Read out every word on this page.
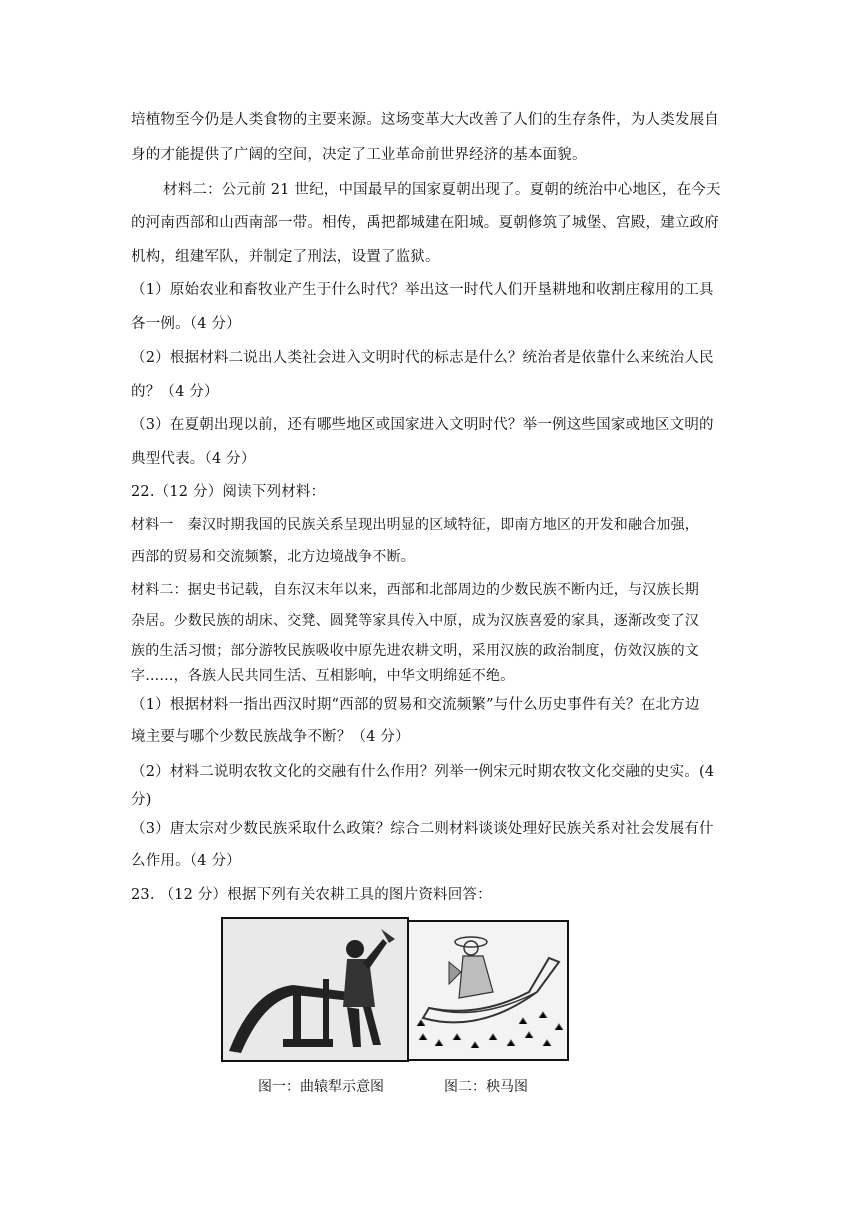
培植物至今仍是人类食物的主要来源。这场变革大大改善了人们的生存条件，为人类发展自
身的才能提供了广阔的空间，决定了工业革命前世界经济的基本面貌。
材料二：公元前 21 世纪，中国最早的国家夏朝出现了。夏朝的统治中心地区，在今天
的河南西部和山西南部一带。相传，禹把都城建在阳城。夏朝修筑了城堡、宫殿，建立政府
机构，组建军队，并制定了刑法，设置了监狱。
（1）原始农业和畜牧业产生于什么时代？举出这一时代人们开垦耕地和收割庄稼用的工具
各一例。（4 分）
（2）根据材料二说出人类社会进入文明时代的标志是什么？统治者是依靠什么来统治人民
的？（4 分）
（3）在夏朝出现以前，还有哪些地区或国家进入文明时代？举一例这些国家或地区文明的
典型代表。（4 分）
22.（12 分）阅读下列材料：
材料一　秦汉时期我国的民族关系呈现出明显的区域特征，即南方地区的开发和融合加强，
西部的贸易和交流频繁，北方边境战争不断。
材料二：据史书记载，自东汉末年以来，西部和北部周边的少数民族不断内迁，与汉族长期
杂居。少数民族的胡床、交凳、圆凳等家具传入中原，成为汉族喜爱的家具，逐渐改变了汉
族的生活习惯；部分游牧民族吸收中原先进农耕文明，采用汉族的政治制度，仿效汉族的文
字……，各族人民共同生活、互相影响，中华文明绵延不绝。
（1）根据材料一指出西汉时期“西部的贸易和交流频繁”与什么历史事件有关？在北方边
境主要与哪个少数民族战争不断？（4 分）
（2）材料二说明农牧文化的交融有什么作用？列举一例宋元时期农牧文化交融的史实。(4
分)
（3）唐太宗对少数民族采取什么政策？综合二则材料谈谈处理好民族关系对社会发展有什
么作用。（4 分）
23. （12 分）根据下列有关农耕工具的图片资料回答：
图一：曲辕犁示意图	图二：秧马图
